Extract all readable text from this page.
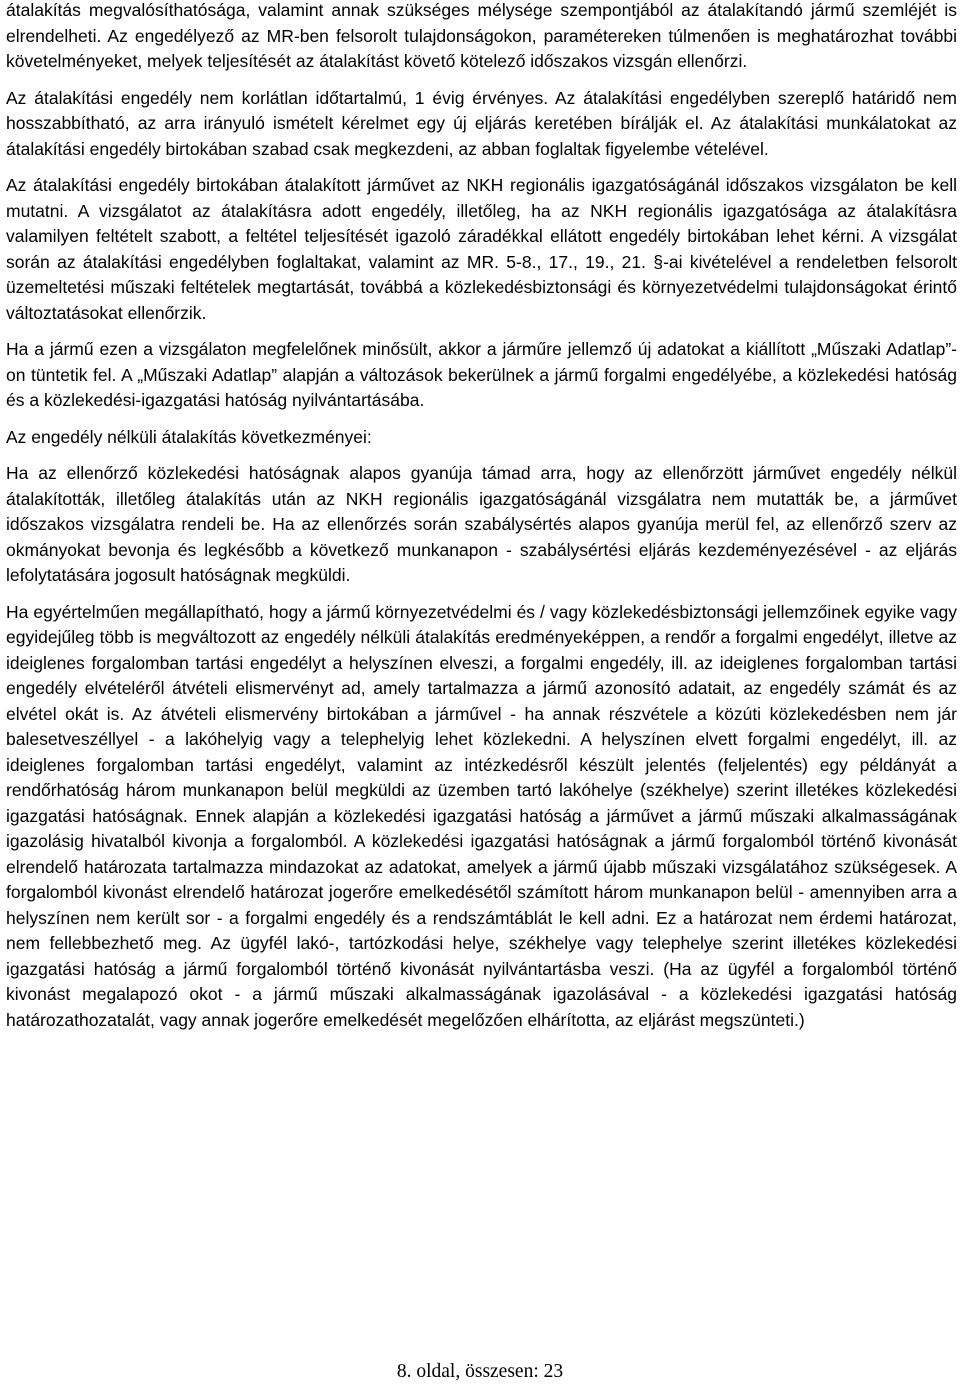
átalakítás megvalósíthatósága, valamint annak szükséges mélysége szempontjából az átalakítandó jármű szemléjét is elrendelheti. Az engedélyező az MR-ben felsorolt tulajdonságokon, paramétereken túlmenően is meghatározhat további követelményeket, melyek teljesítését az átalakítást követő kötelező időszakos vizsgán ellenőrzi.

Az átalakítási engedély nem korlátlan időtartalmú, 1 évig érvényes. Az átalakítási engedélyben szereplő határidő nem hosszabbítható, az arra irányuló ismételt kérelmet egy új eljárás keretében bírálják el. Az átalakítási munkálatokat az átalakítási engedély birtokában szabad csak megkezdeni, az abban foglaltak figyelembe vételével.

Az átalakítási engedély birtokában átalakított járművet az NKH regionális igazgatóságánál időszakos vizsgálaton be kell mutatni. A vizsgálatot az átalakításra adott engedély, illetőleg, ha az NKH regionális igazgatósága az átalakításra valamilyen feltételt szabott, a feltétel teljesítését igazoló záradékkal ellátott engedély birtokában lehet kérni. A vizsgálat során az átalakítási engedélyben foglaltakat, valamint az MR. 5-8., 17., 19., 21. §-ai kivételével a rendeletben felsorolt üzemeltetési műszaki feltételek megtartását, továbbá a közlekedésbiztonsági és környezetvédelmi tulajdonságokat érintő változtatásokat ellenőrzik.

Ha a jármű ezen a vizsgálaton megfelelőnek minősült, akkor a járműre jellemző új adatokat a kiállított „Műszaki Adatlap”-on tüntetik fel. A „Műszaki Adatlap” alapján a változások bekerülnek a jármű forgalmi engedélyébe, a közlekedési hatóság és a közlekedési-igazgatási hatóság nyilvántartásába.

Az engedély nélküli átalakítás következményei:

Ha az ellenőrző közlekedési hatóságnak alapos gyanúja támad arra, hogy az ellenőrzött járművet engedély nélkül átalakították, illetőleg átalakítás után az NKH regionális igazgatóságánál vizsgálatra nem mutatták be, a járművet időszakos vizsgálatra rendeli be. Ha az ellenőrzés során szabálysértés alapos gyanúja merül fel, az ellenőrző szerv az okmányokat bevonja és legkésőbb a következő munkanapon - szabálysértési eljárás kezdeményezésével - az eljárás lefolytatására jogosult hatóságnak megküldi.

Ha egyértelműen megállapítható, hogy a jármű környezetvédelmi és / vagy közlekedésbiztonsági jellemzőinek egyike vagy egyidejűleg több is megváltozott az engedély nélküli átalakítás eredményeképpen, a rendőr a forgalmi engedélyt, illetve az ideiglenes forgalomban tartási engedélyt a helyszínen elveszi, a forgalmi engedély, ill. az ideiglenes forgalomban tartási engedély elvételéről átvételi elismervényt ad, amely tartalmazza a jármű azonosító adatait, az engedély számát és az elvétel okát is. Az átvételi elismervény birtokában a járművel - ha annak részvétele a közúti közlekedésben nem jár balesetveszéllyel - a lakóhelyig vagy a telephelyig lehet közlekedni. A helyszínen elvett forgalmi engedélyt, ill. az ideiglenes forgalomban tartási engedélyt, valamint az intézkedésről készült jelentés (feljelentés) egy példányát a rendőrhatóság három munkanapon belül megküldi az üzemben tartó lakóhelye (székhelye) szerint illetékes közlekedési igazgatási hatóságnak. Ennek alapján a közlekedési igazgatási hatóság a járművet a jármű műszaki alkalmasságának igazolásig hivatalból kivonja a forgalomból. A közlekedési igazgatási hatóságnak a jármű forgalomból történő kivonását elrendelő határozata tartalmazza mindazokat az adatokat, amelyek a jármű újabb műszaki vizsgálatához szükségesek. A forgalomból kivonást elrendelő határozat jogerőre emelkedésétől számított három munkanapon belül - amennyiben arra a helyszínen nem került sor - a forgalmi engedély és a rendszámtáblát le kell adni. Ez a határozat nem érdemi határozat, nem fellebbezhető meg. Az ügyfél lakó-, tartózkodási helye, székhelye vagy telephelye szerint illetékes közlekedési igazgatási hatóság a jármű forgalomból történő kivonását nyilvántartásba veszi. (Ha az ügyfél a forgalomból történő kivonást megalapozó okot - a jármű műszaki alkalmasságának igazolásával - a közlekedési igazgatási hatóság határozathozatalát, vagy annak jogerőre emelkedését megelőzően elhárította, az eljárást megszünteti.)

8. oldal, összesen: 23
